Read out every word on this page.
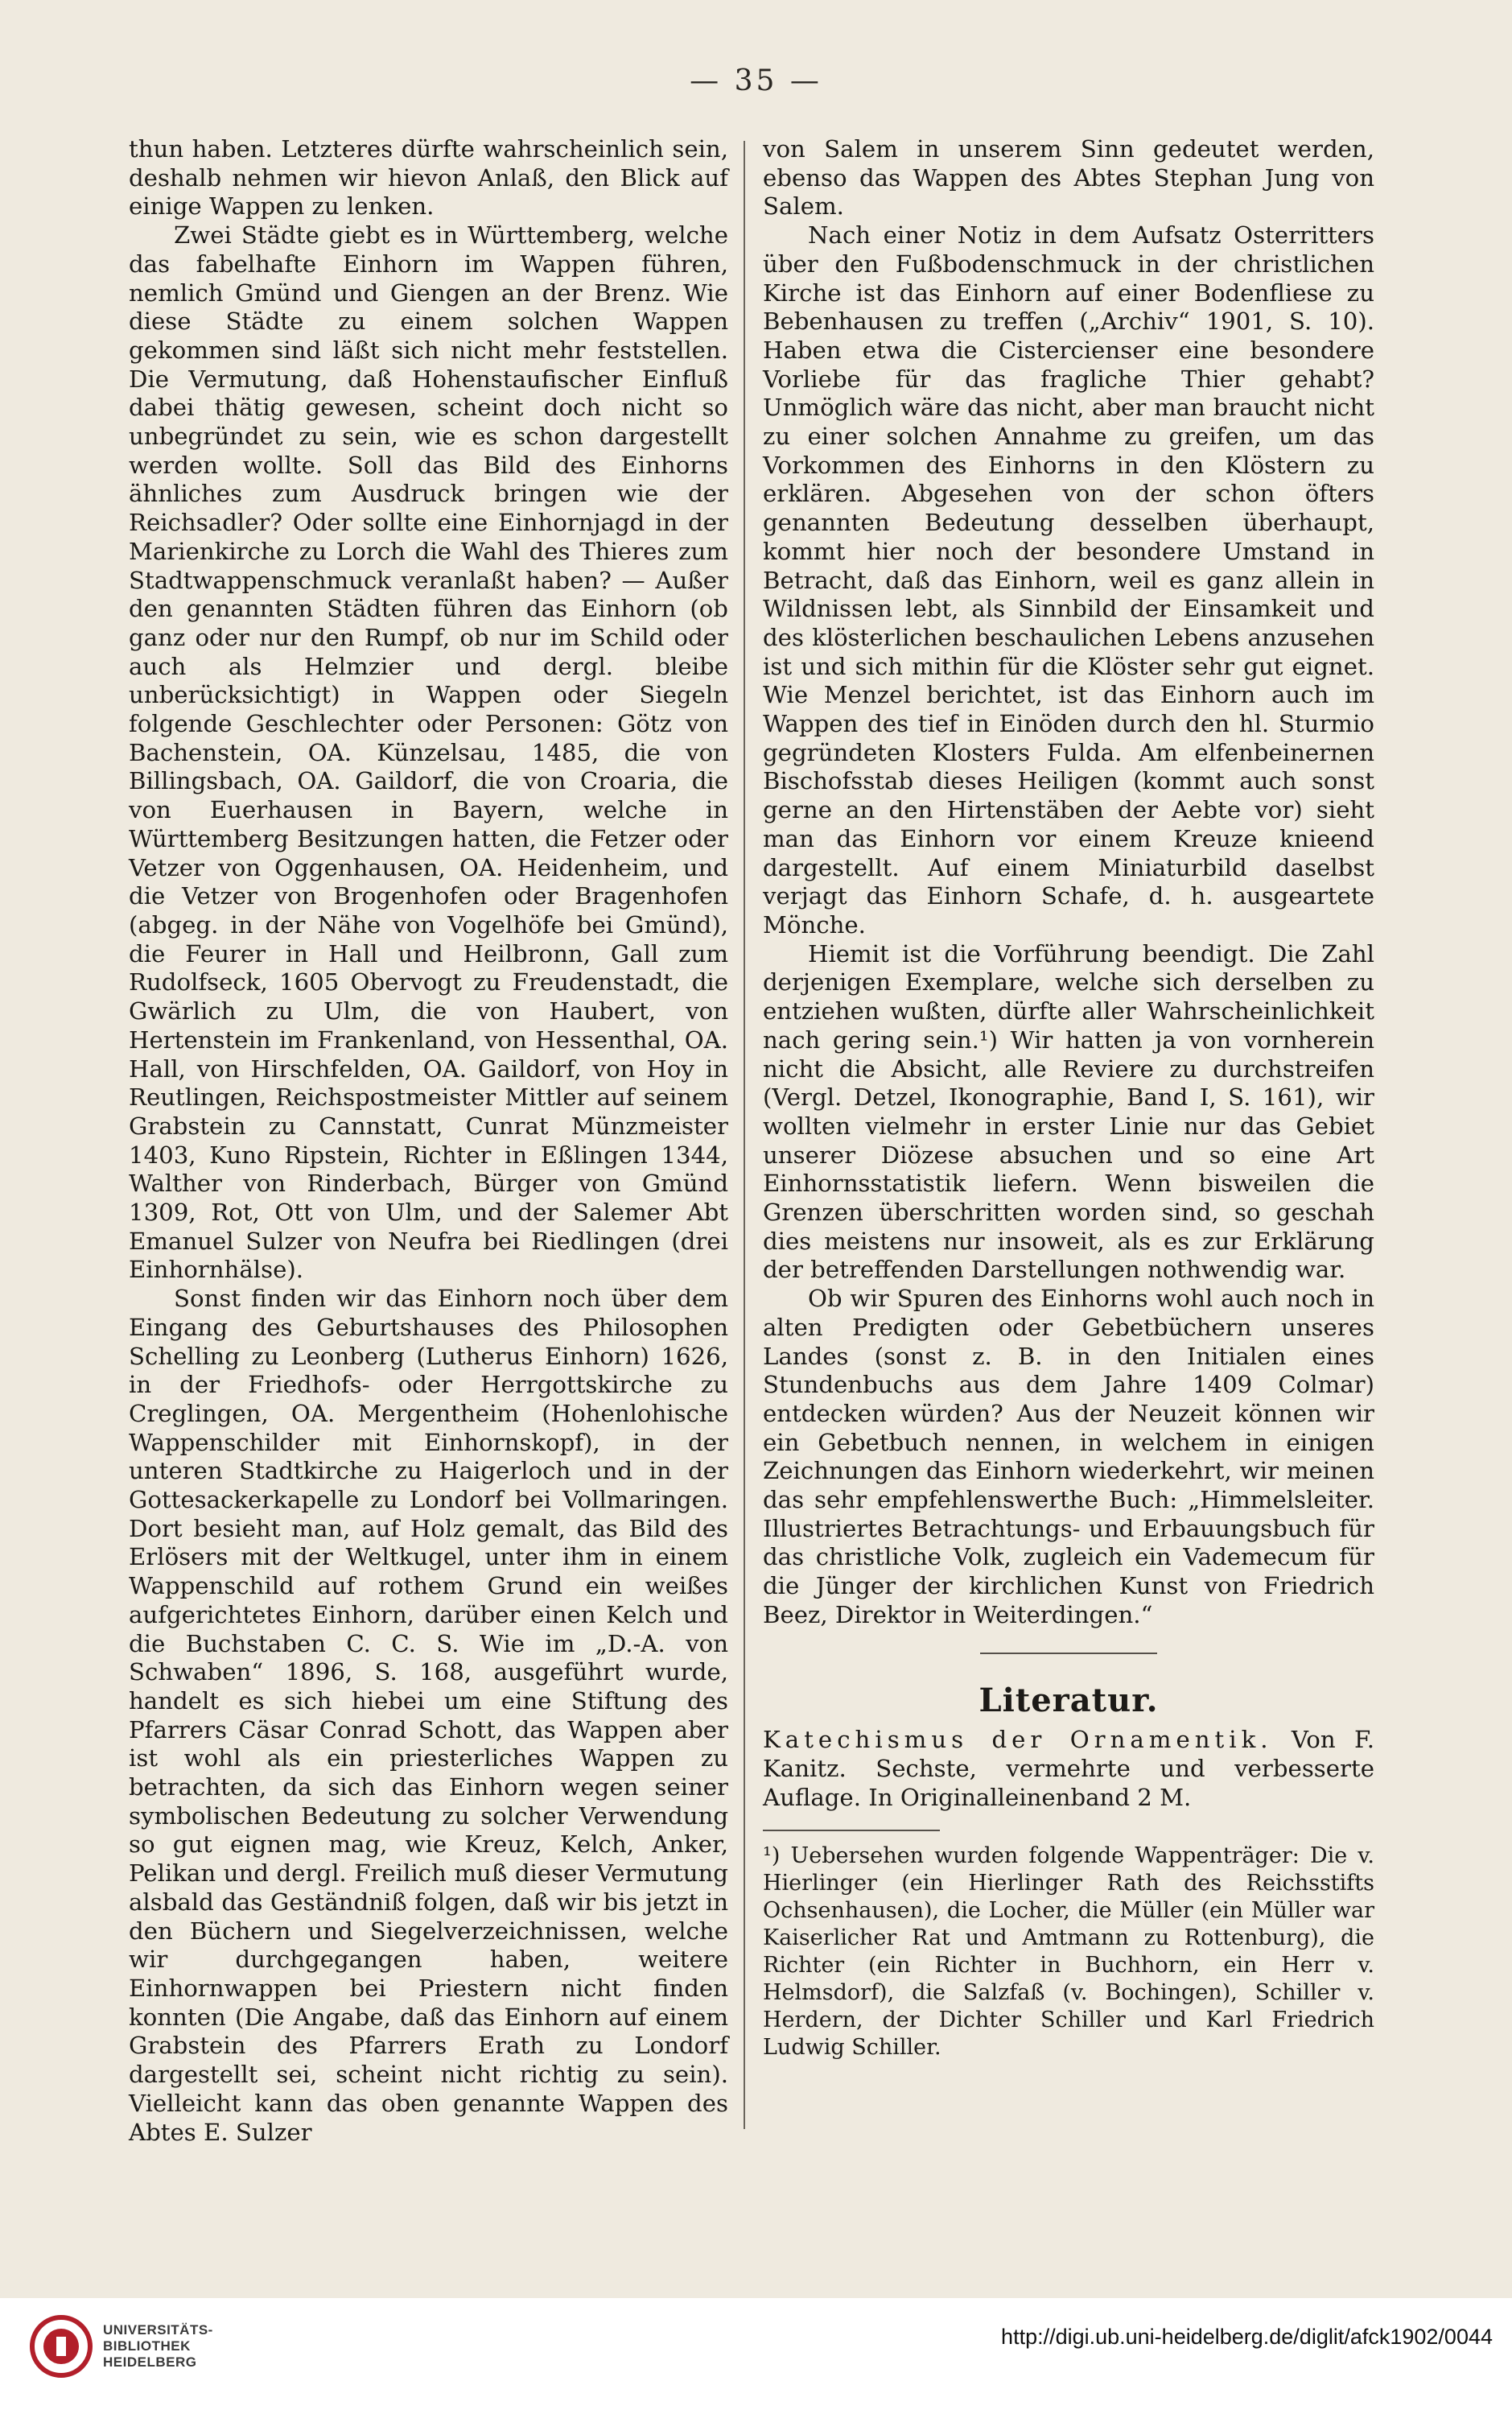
— 35 —

thun haben. Letzteres dürfte wahrscheinlich sein, deshalb nehmen wir hievon Anlaß, den Blick auf einige Wappen zu lenken.

Zwei Städte giebt es in Württemberg, welche das fabelhafte Einhorn im Wappen führen, nemlich Gmünd und Giengen an der Brenz. Wie diese Städte zu einem solchen Wappen gekommen sind läßt sich nicht mehr feststellen. Die Vermutung, daß Hohenstaufischer Einfluß dabei thätig gewesen, scheint doch nicht so unbegründet zu sein, wie es schon dargestellt werden wollte. Soll das Bild des Einhorns ähnliches zum Ausdruck bringen wie der Reichsadler? Oder sollte eine Einhornjagd in der Marienkirche zu Lorch die Wahl des Thieres zum Stadtwappenschmuck veranlaßt haben? — Außer den genannten Städten führen das Einhorn (ob ganz oder nur den Rumpf, ob nur im Schild oder auch als Helmzier und dergl. bleibe unberücksichtigt) in Wappen oder Siegeln folgende Geschlechter oder Personen: Götz von Bachenstein, OA. Künzelsau, 1485, die von Billingsbach, OA. Gaildorf, die von Croaria, die von Euerhausen in Bayern, welche in Württemberg Besitzungen hatten, die Fetzer oder Vetzer von Oggenhausen, OA. Heidenheim, und die Vetzer von Brogenhofen oder Bragenhofen (abgeg. in der Nähe von Vogelhöfe bei Gmünd), die Feurer in Hall und Heilbronn, Gall zum Rudolfseck, 1605 Obervogt zu Freudenstadt, die Gwärlich zu Ulm, die von Haubert, von Hertenstein im Frankenland, von Hessenthal, OA. Hall, von Hirschfelden, OA. Gaildorf, von Hoy in Reutlingen, Reichspostmeister Mittler auf seinem Grabstein zu Cannstatt, Cunrat Münzmeister 1403, Kuno Ripstein, Richter in Eßlingen 1344, Walther von Rinderbach, Bürger von Gmünd 1309, Rot, Ott von Ulm, und der Salemer Abt Emanuel Sulzer von Neufra bei Riedlingen (drei Einhornhälse).

Sonst finden wir das Einhorn noch über dem Eingang des Geburtshauses des Philosophen Schelling zu Leonberg (Lutherus Einhorn) 1626, in der Friedhofs- oder Herrgottskirche zu Creglingen, OA. Mergentheim (Hohenlohische Wappenschilder mit Einhornskopf), in der unteren Stadtkirche zu Haigerloch und in der Gottesackerkapelle zu Londorf bei Vollmaringen. Dort besieht man, auf Holz gemalt, das Bild des Erlösers mit der Weltkugel, unter ihm in einem Wappenschild auf rothem Grund ein weißes aufgerichtetes Einhorn, darüber einen Kelch und die Buchstaben C. C. S. Wie im „D.-A. von Schwaben“ 1896, S. 168, ausgeführt wurde, handelt es sich hiebei um eine Stiftung des Pfarrers Cäsar Conrad Schott, das Wappen aber ist wohl als ein priesterliches Wappen zu betrachten, da sich das Einhorn wegen seiner symbolischen Bedeutung zu solcher Verwendung so gut eignen mag, wie Kreuz, Kelch, Anker, Pelikan und dergl. Freilich muß dieser Vermutung alsbald das Geständniß folgen, daß wir bis jetzt in den Büchern und Siegelverzeichnissen, welche wir durchgegangen haben, weitere Einhornwappen bei Priestern nicht finden konnten (Die Angabe, daß das Einhorn auf einem Grabstein des Pfarrers Erath zu Londorf dargestellt sei, scheint nicht richtig zu sein). Vielleicht kann das oben genannte Wappen des Abtes E. Sulzer

von Salem in unserem Sinn gedeutet werden, ebenso das Wappen des Abtes Stephan Jung von Salem.

Nach einer Notiz in dem Aufsatz Osterritters über den Fußbodenschmuck in der christlichen Kirche ist das Einhorn auf einer Bodenfliese zu Bebenhausen zu treffen („Archiv“ 1901, S. 10). Haben etwa die Cistercienser eine besondere Vorliebe für das fragliche Thier gehabt? Unmöglich wäre das nicht, aber man braucht nicht zu einer solchen Annahme zu greifen, um das Vorkommen des Einhorns in den Klöstern zu erklären. Abgesehen von der schon öfters genannten Bedeutung desselben überhaupt, kommt hier noch der besondere Umstand in Betracht, daß das Einhorn, weil es ganz allein in Wildnissen lebt, als Sinnbild der Einsamkeit und des klösterlichen beschaulichen Lebens anzusehen ist und sich mithin für die Klöster sehr gut eignet. Wie Menzel berichtet, ist das Einhorn auch im Wappen des tief in Einöden durch den hl. Sturmio gegründeten Klosters Fulda. Am elfenbeinernen Bischofsstab dieses Heiligen (kommt auch sonst gerne an den Hirtenstäben der Aebte vor) sieht man das Einhorn vor einem Kreuze knieend dargestellt. Auf einem Miniaturbild daselbst verjagt das Einhorn Schafe, d. h. ausgeartete Mönche.

Hiemit ist die Vorführung beendigt. Die Zahl derjenigen Exemplare, welche sich derselben zu entziehen wußten, dürfte aller Wahrscheinlichkeit nach gering sein.¹) Wir hatten ja von vornherein nicht die Absicht, alle Reviere zu durchstreifen (Vergl. Detzel, Ikonographie, Band I, S. 161), wir wollten vielmehr in erster Linie nur das Gebiet unserer Diözese absuchen und so eine Art Einhornsstatistik liefern. Wenn bisweilen die Grenzen überschritten worden sind, so geschah dies meistens nur insoweit, als es zur Erklärung der betreffenden Darstellungen nothwendig war.

Ob wir Spuren des Einhorns wohl auch noch in alten Predigten oder Gebetbüchern unseres Landes (sonst z. B. in den Initialen eines Stundenbuchs aus dem Jahre 1409 Colmar) entdecken würden? Aus der Neuzeit können wir ein Gebetbuch nennen, in welchem in einigen Zeichnungen das Einhorn wiederkehrt, wir meinen das sehr empfehlenswerthe Buch: „Himmelsleiter. Illustriertes Betrachtungs- und Erbauungsbuch für das christliche Volk, zugleich ein Vademecum für die Jünger der kirchlichen Kunst von Friedrich Beez, Direktor in Weiterdingen.“

Literatur.

Katechismus der Ornamentik. Von F. Kanitz. Sechste, vermehrte und verbesserte Auflage. In Originalleinenband 2 M.

¹) Uebersehen wurden folgende Wappenträger: Die v. Hierlinger (ein Hierlinger Rath des Reichsstifts Ochsenhausen), die Locher, die Müller (ein Müller war Kaiserlicher Rat und Amtmann zu Rottenburg), die Richter (ein Richter in Buchhorn, ein Herr v. Helmsdorf), die Salzfaß (v. Bochingen), Schiller v. Herdern, der Dichter Schiller und Karl Friedrich Ludwig Schiller.

UNIVERSITÄTS-
BIBLIOTHEK
HEIDELBERG
http://digi.ub.uni-heidelberg.de/diglit/afck1902/0044
